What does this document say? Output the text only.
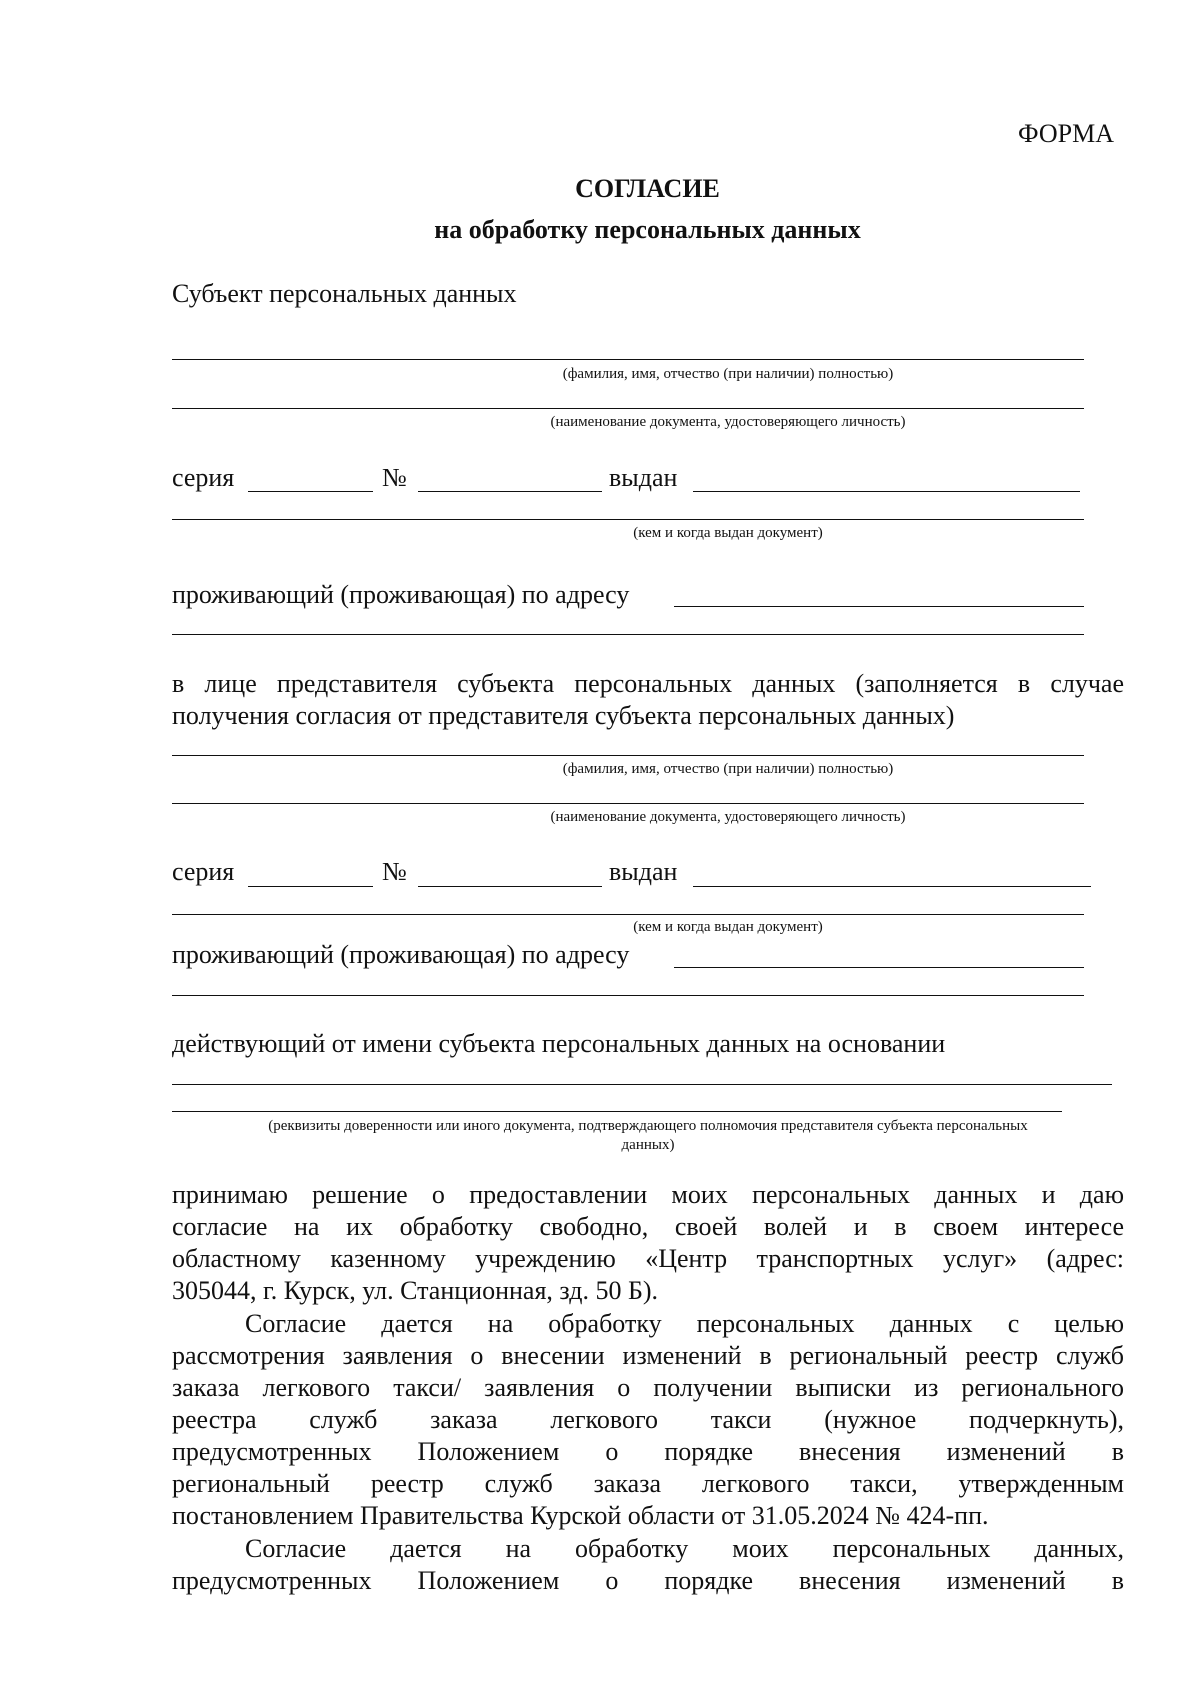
ФОРМА
СОГЛАСИЕ
на обработку персональных данных
Субъект персональных данных
(фамилия, имя, отчество (при наличии) полностью)
(наименование документа, удостоверяющего личность)
серия	№	выдан
(кем и когда выдан документ)
проживающий (проживающая) по адресу
в лице представителя субъекта персональных данных (заполняется в случае
получения согласия от представителя субъекта персональных данных)
(фамилия, имя, отчество (при наличии) полностью)
(наименование документа, удостоверяющего личность)
серия	№	выдан
(кем и когда выдан документ)
проживающий (проживающая) по адресу
действующий от имени субъекта персональных данных на основании
(реквизиты доверенности или иного документа, подтверждающего полномочия представителя субъекта персональных
данных)
принимаю решение о предоставлении моих персональных данных и даю
согласие на их обработку свободно, своей волей и в своем интересе
областному казенному учреждению «Центр транспортных услуг» (адрес:
305044, г. Курск, ул. Станционная, зд. 50 Б).
Согласие дается на обработку персональных данных с целью
рассмотрения заявления о внесении изменений в региональный реестр служб
заказа легкового такси/ заявления о получении выписки из регионального
реестра служб заказа легкового такси (нужное подчеркнуть),
предусмотренных Положением о порядке внесения изменений в
региональный реестр служб заказа легкового такси, утвержденным
постановлением Правительства Курской области от 31.05.2024 № 424-пп.
Согласие дается на обработку моих персональных данных,
предусмотренных Положением о порядке внесения изменений в
